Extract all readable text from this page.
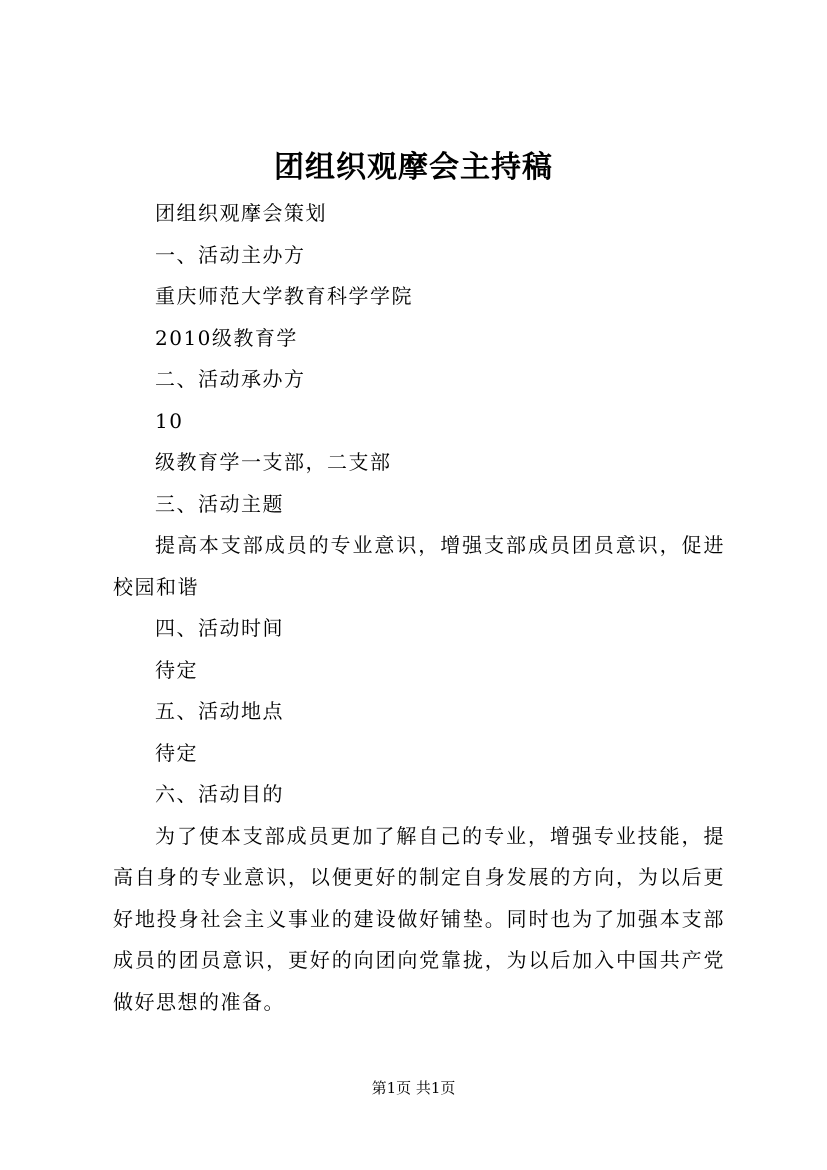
团组织观摩会主持稿

团组织观摩会策划

一、活动主办方

重庆师范大学教育科学学院

2010级教育学

二、活动承办方

10

级教育学一支部，二支部

三、活动主题

提高本支部成员的专业意识，增强支部成员团员意识，促进校园和谐

四、活动时间

待定

五、活动地点

待定

六、活动目的

为了使本支部成员更加了解自己的专业，增强专业技能，提高自身的专业意识，以便更好的制定自身发展的方向，为以后更好地投身社会主义事业的建设做好铺垫。同时也为了加强本支部成员的团员意识，更好的向团向党靠拢，为以后加入中国共产党做好思想的准备。

第1页 共1页
